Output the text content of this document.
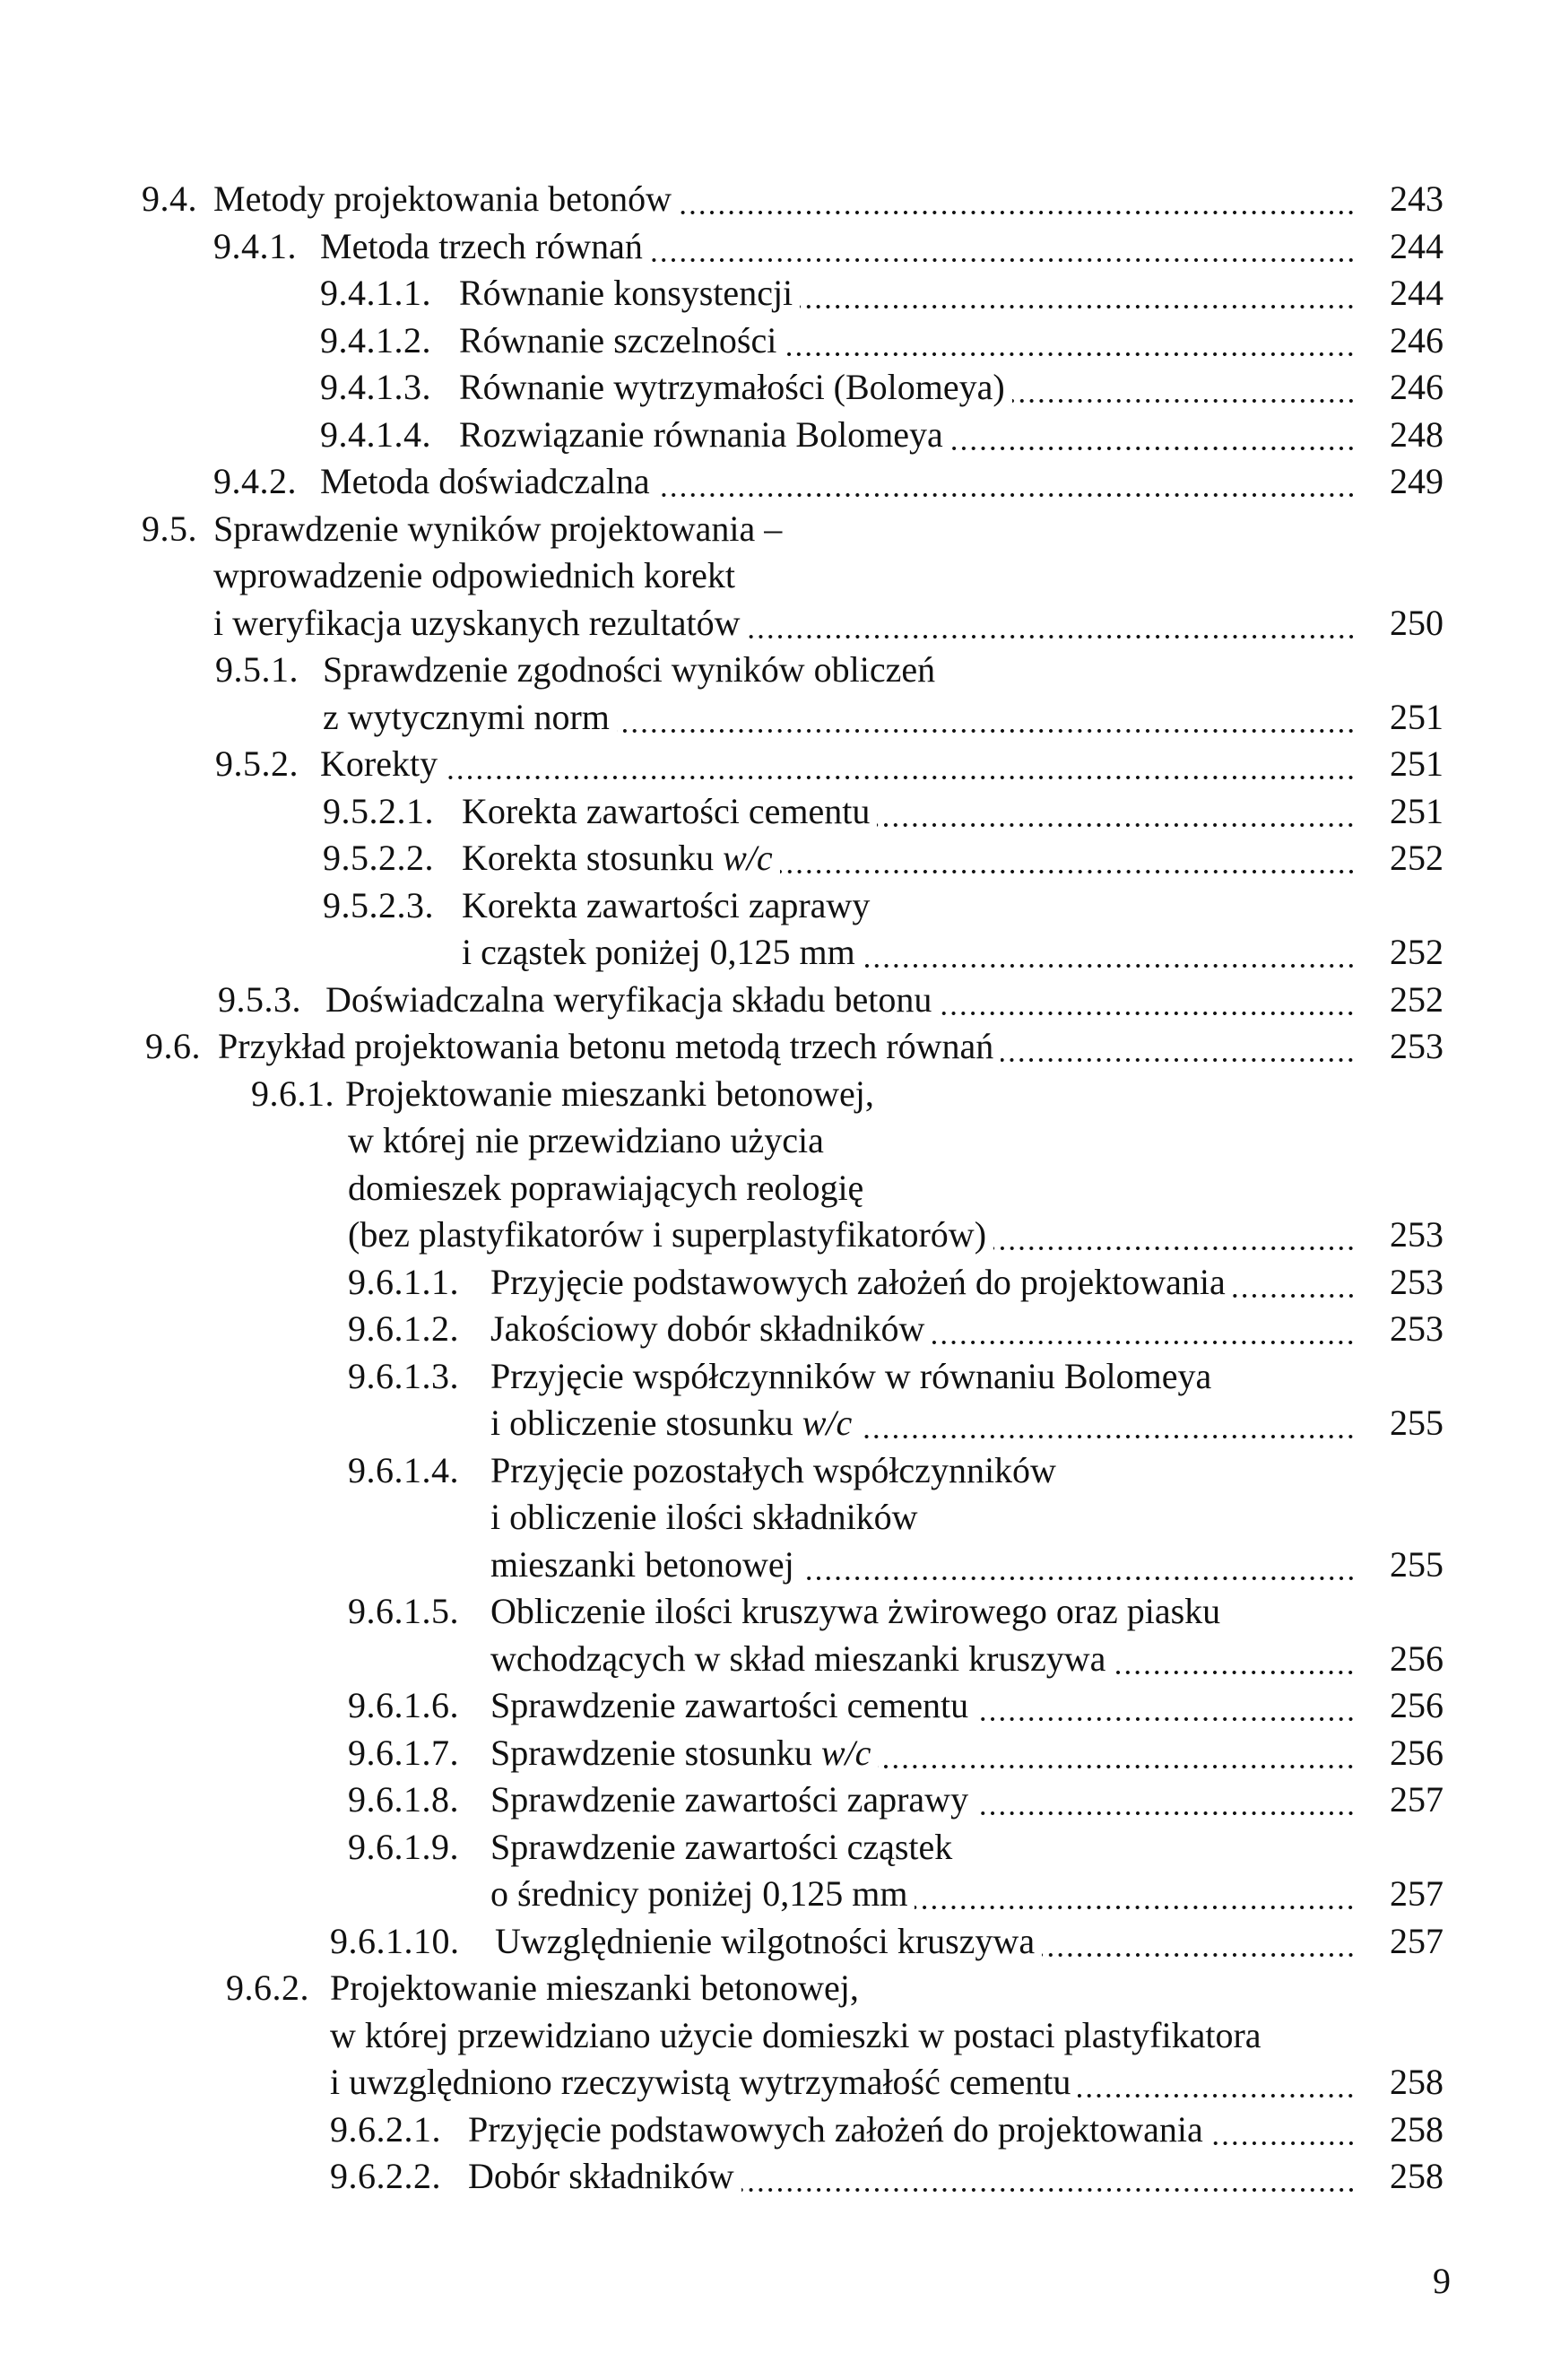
9.4. Metody projektowania betonów	243
9.4.1. Metoda trzech równań	244
9.4.1.1. Równanie konsystencji	244
9.4.1.2. Równanie szczelności	246
9.4.1.3. Równanie wytrzymałości (Bolomeya)	246
9.4.1.4. Rozwiązanie równania Bolomeya	248
9.4.2. Metoda doświadczalna	249
9.5. Sprawdzenie wyników projektowania –
wprowadzenie odpowiednich korekt
i weryfikacja uzyskanych rezultatów	250
9.5.1. Sprawdzenie zgodności wyników obliczeń
z wytycznymi norm	251
9.5.2. Korekty	251
9.5.2.1. Korekta zawartości cementu	251
9.5.2.2. Korekta stosunku w/c	252
9.5.2.3. Korekta zawartości zaprawy
i cząstek poniżej 0,125 mm	252
9.5.3. Doświadczalna weryfikacja składu betonu	252
9.6. Przykład projektowania betonu metodą trzech równań	253
9.6.1. Projektowanie mieszanki betonowej,
w której nie przewidziano użycia
domieszek poprawiających reologię
(bez plastyfikatorów i superplastyfikatorów)	253
9.6.1.1. Przyjęcie podstawowych założeń do projektowania	253
9.6.1.2. Jakościowy dobór składników	253
9.6.1.3. Przyjęcie współczynników w równaniu Bolomeya
i obliczenie stosunku w/c	255
9.6.1.4. Przyjęcie pozostałych współczynników
i obliczenie ilości składników
mieszanki betonowej	255
9.6.1.5. Obliczenie ilości kruszywa żwirowego oraz piasku
wchodzących w skład mieszanki kruszywa	256
9.6.1.6. Sprawdzenie zawartości cementu	256
9.6.1.7. Sprawdzenie stosunku w/c	256
9.6.1.8. Sprawdzenie zawartości zaprawy	257
9.6.1.9. Sprawdzenie zawartości cząstek
o średnicy poniżej 0,125 mm	257
9.6.1.10. Uwzględnienie wilgotności kruszywa	257
9.6.2. Projektowanie mieszanki betonowej,
w której przewidziano użycie domieszki w postaci plastyfikatora
i uwzględniono rzeczywistą wytrzymałość cementu	258
9.6.2.1. Przyjęcie podstawowych założeń do projektowania	258
9.6.2.2. Dobór składników	258
9
